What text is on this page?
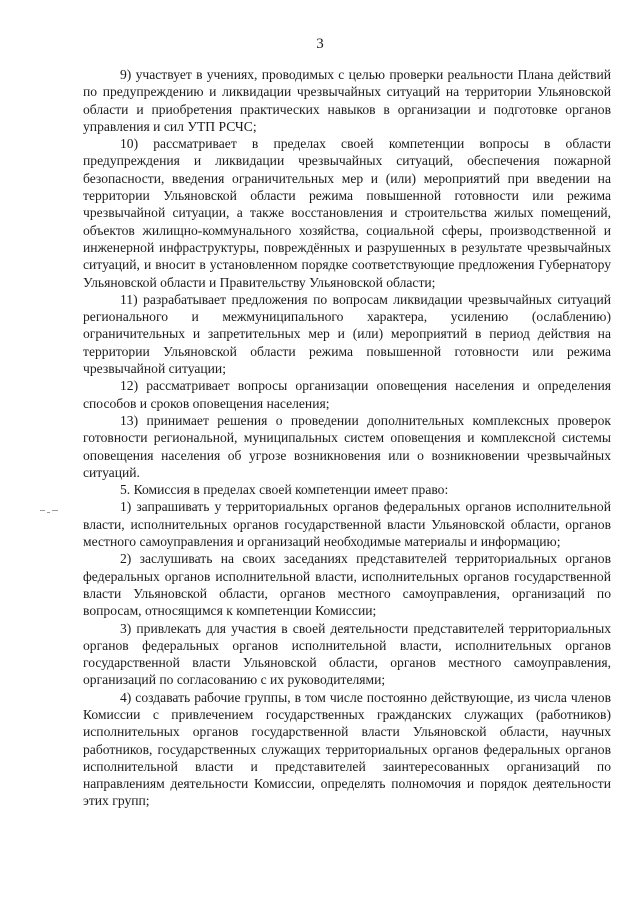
3

9) участвует в учениях, проводимых с целью проверки реальности Плана действий по предупреждению и ликвидации чрезвычайных ситуаций на территории Ульяновской области и приобретения практических навыков в организации и подготовке органов управления и сил УТП РСЧС;

10) рассматривает в пределах своей компетенции вопросы в области предупреждения и ликвидации чрезвычайных ситуаций, обеспечения пожарной безопасности, введения ограничительных мер и (или) мероприятий при введении на территории Ульяновской области режима повышенной готовности или режима чрезвычайной ситуации, а также восстановления и строительства жилых помещений, объектов жилищно-коммунального хозяйства, социальной сферы, производственной и инженерной инфраструктуры, повреждённых и разрушенных в результате чрезвычайных ситуаций, и вносит в установленном порядке соответствующие предложения Губернатору Ульяновской области и Правительству Ульяновской области;

11) разрабатывает предложения по вопросам ликвидации чрезвычайных ситуаций регионального и межмуниципального характера, усилению (ослаблению) ограничительных и запретительных мер и (или) мероприятий в период действия на территории Ульяновской области режима повышенной готовности или режима чрезвычайной ситуации;

12) рассматривает вопросы организации оповещения населения и определения способов и сроков оповещения населения;

13) принимает решения о проведении дополнительных комплексных проверок готовности региональной, муниципальных систем оповещения и комплексной системы оповещения населения об угрозе возникновения или о возникновении чрезвычайных ситуаций.

5. Комиссия в пределах своей компетенции имеет право:

1) запрашивать у территориальных органов федеральных органов исполнительной власти, исполнительных органов государственной власти Ульяновской области, органов местного самоуправления и организаций необходимые материалы и информацию;

2) заслушивать на своих заседаниях представителей территориальных органов федеральных органов исполнительной власти, исполнительных органов государственной власти Ульяновской области, органов местного самоуправления, организаций по вопросам, относящимся к компетенции Комиссии;

3) привлекать для участия в своей деятельности представителей территориальных органов федеральных органов исполнительной власти, исполнительных органов государственной власти Ульяновской области, органов местного самоуправления, организаций по согласованию с их руководителями;

4) создавать рабочие группы, в том числе постоянно действующие, из числа членов Комиссии с привлечением государственных гражданских служащих (работников) исполнительных органов государственной власти Ульяновской области, научных работников, государственных служащих территориальных органов федеральных органов исполнительной власти и представителей заинтересованных организаций по направлениям деятельности Комиссии, определять полномочия и порядок деятельности этих групп;
